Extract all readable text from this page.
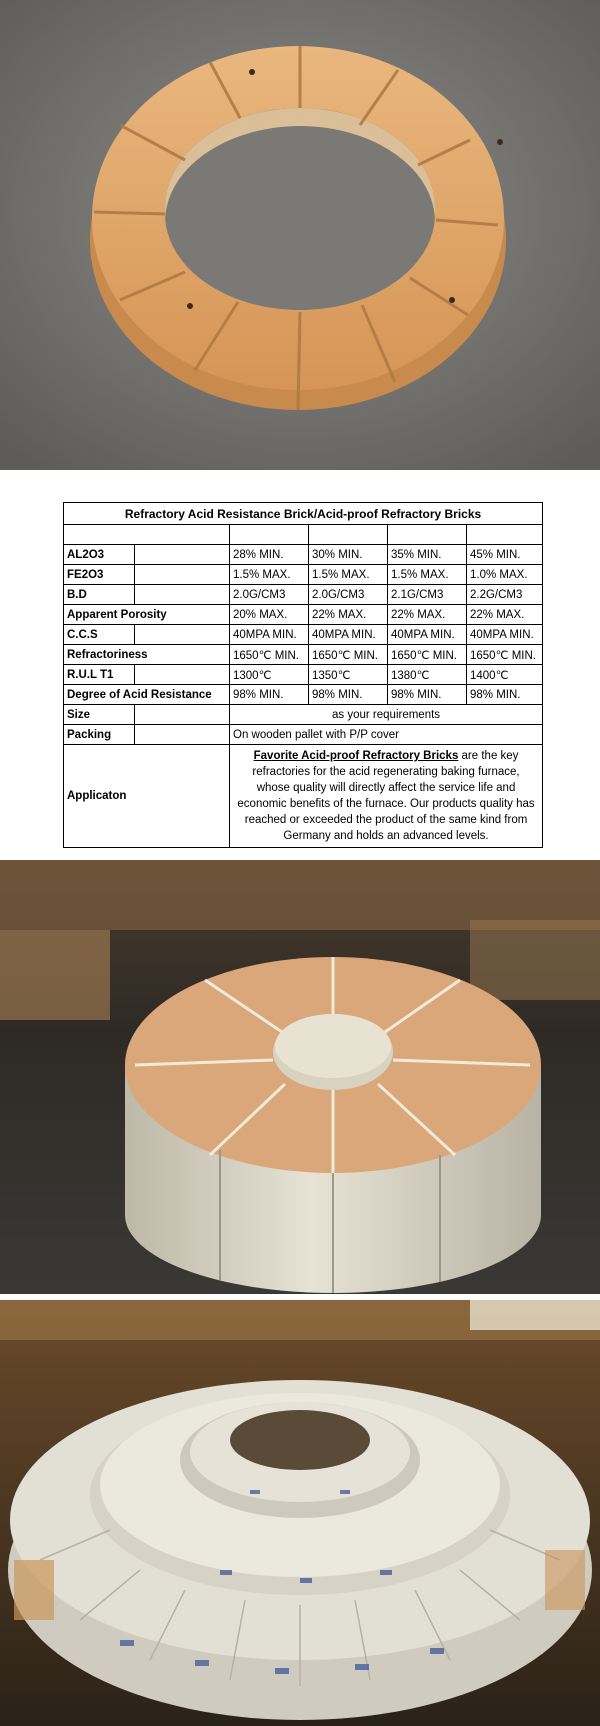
Refractory Acid Resistance Brick/Acid-proof Refractory Bricks					

AL2O3		28% MIN.	30% MIN.	35% MIN.	45% MIN.
FE2O3		1.5% MAX.	1.5% MAX.	1.5% MAX.	1.0% MAX.
B.D		2.0G/CM3	2.0G/CM3	2.1G/CM3	2.2G/CM3
Apparent Porosity		20% MAX.	22% MAX.	22% MAX.	22% MAX.
C.C.S		40MPA MIN.	40MPA MIN.	40MPA MIN.	40MPA MIN.
Refractoriness		1650℃ MIN.	1650℃ MIN.	1650℃ MIN.	1650℃ MIN.
R.U.L T1		1300℃	1350℃	1380℃	1400℃
Degree of Acid Resistance		98% MIN.	98% MIN.	98% MIN.	98% MIN.
Size		as your requirements			
Packing		On wooden pallet with P/P cover			
Applicaton		Favorite Acid-proof Refractory Bricks are the key refractories for the acid regenerating baking furnace, whose quality will directly affect the service life and economic benefits of the furnace. Our products quality has reached or exceeded the product of the same kind from Germany and holds an advanced levels.			
